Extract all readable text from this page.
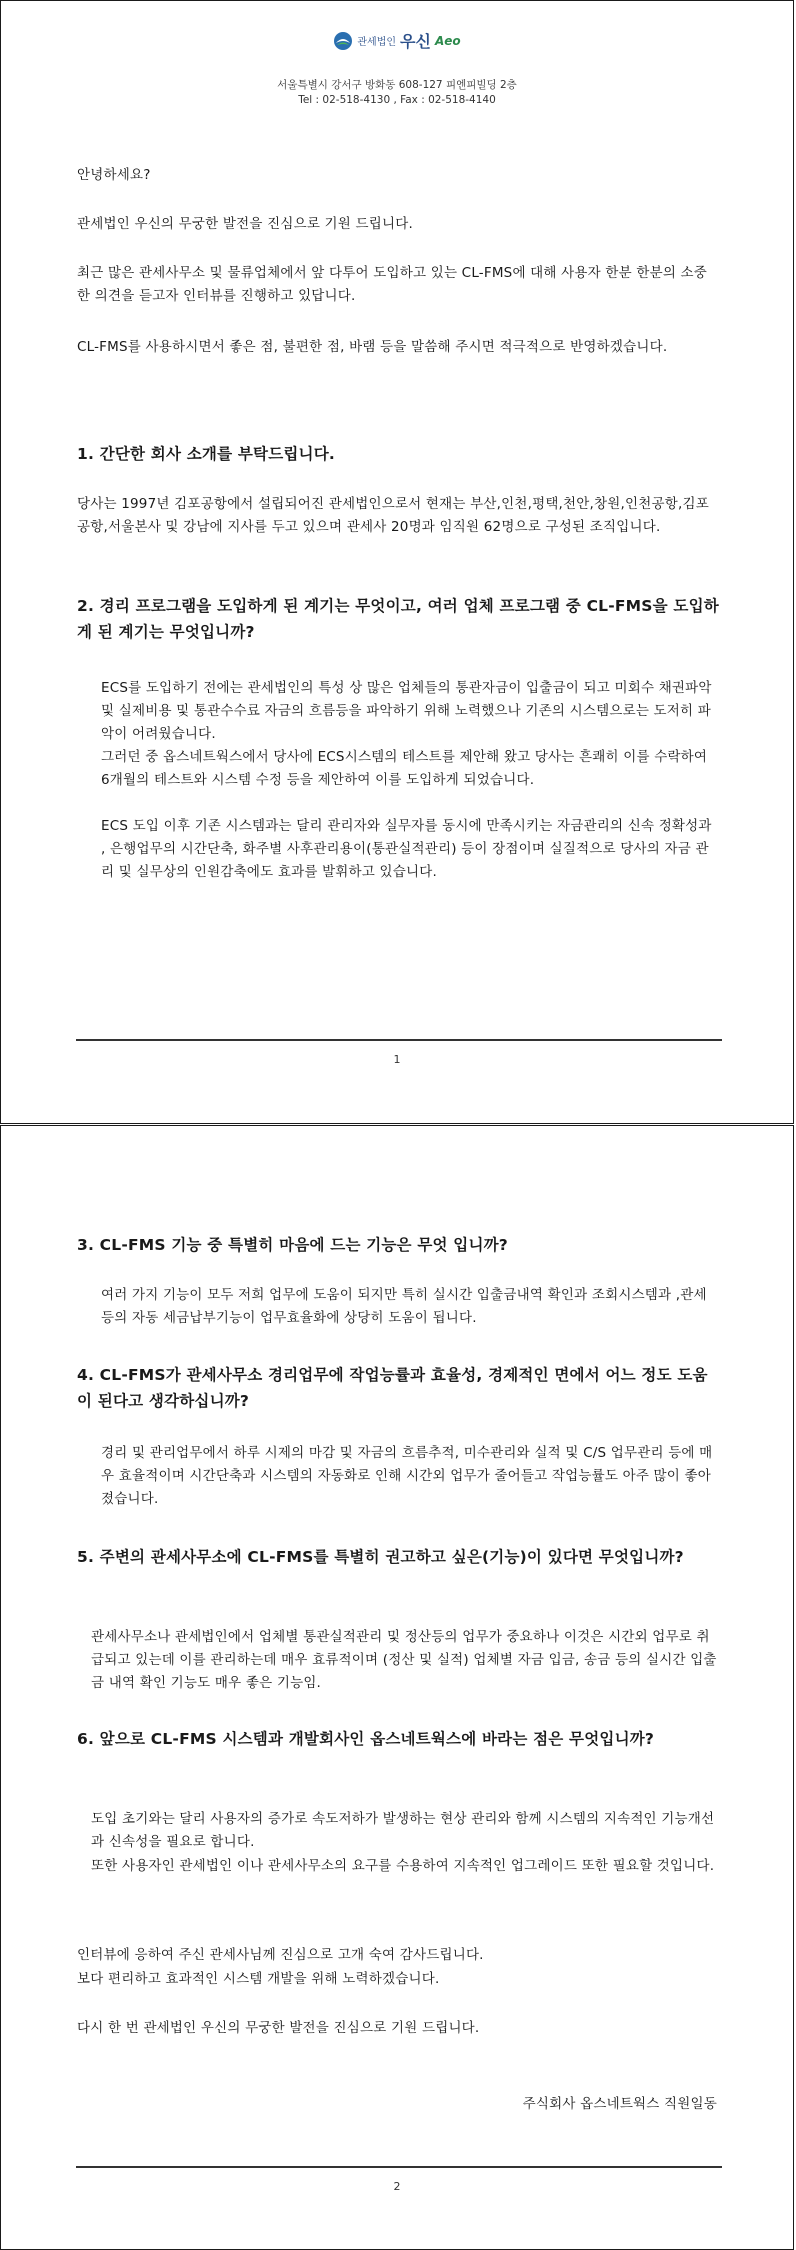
관세법인 우신 Aeo
서울특별시 강서구 방화동 608-127 피엔피빌딩 2층
Tel : 02-518-4130 , Fax : 02-518-4140

안녕하세요?

관세법인 우신의 무궁한 발전을 진심으로 기원 드립니다.

최근 많은 관세사무소 및 물류업체에서 앞 다투어 도입하고 있는 CL-FMS에 대해 사용자 한분 한분의 소중한 의견을 듣고자 인터뷰를 진행하고 있답니다.

CL-FMS를 사용하시면서 좋은 점, 불편한 점, 바램 등을 말씀해 주시면 적극적으로 반영하겠습니다.

1. 간단한 회사 소개를 부탁드립니다.

당사는 1997년 김포공항에서 설립되어진 관세법인으로서 현재는 부산,인천,평택,천안,창원,인천공항,김포공항,서울본사 및 강남에 지사를 두고 있으며 관세사 20명과 임직원 62명으로 구성된 조직입니다.

2. 경리 프로그램을 도입하게 된 계기는 무엇이고, 여러 업체 프로그램 중 CL-FMS을 도입하게 된 계기는 무엇입니까?

ECS를 도입하기 전에는 관세법인의 특성 상 많은 업체들의 통관자금이 입출금이 되고 미회수 채권파악 및 실제비용 및 통관수수료 자금의 흐름등을 파악하기 위해 노력했으나 기존의 시스템으로는 도저히 파악이 어려웠습니다.

그러던 중 옵스네트웍스에서 당사에 ECS시스템의 테스트를 제안해 왔고 당사는 흔쾌히 이를 수락하여 6개월의 테스트와 시스템 수정 등을 제안하여 이를 도입하게 되었습니다.

ECS 도입 이후 기존 시스템과는 달리 관리자와 실무자를 동시에 만족시키는 자금관리의 신속 정확성과 , 은행업무의 시간단축, 화주별 사후관리용이(통관실적관리) 등이 장점이며 실질적으로 당사의 자금 관리 및 실무상의 인원감축에도 효과를 발휘하고 있습니다.

1
3. CL-FMS 기능 중 특별히 마음에 드는 기능은 무엇 입니까?

여러 가지 기능이 모두 저희 업무에 도움이 되지만 특히 실시간 입출금내역 확인과 조회시스템과 ,관세 등의 자동 세금납부기능이 업무효율화에 상당히 도움이 됩니다.

4. CL-FMS가 관세사무소 경리업무에 작업능률과 효율성, 경제적인 면에서 어느 정도 도움이 된다고 생각하십니까?

경리 및 관리업무에서 하루 시제의 마감 및 자금의 흐름추적, 미수관리와 실적 및 C/S 업무관리 등에 매우 효율적이며 시간단축과 시스템의 자동화로 인해 시간외 업무가 줄어들고 작업능률도 아주 많이 좋아졌습니다.

5. 주변의 관세사무소에 CL-FMS를 특별히 권고하고 싶은(기능)이 있다면 무엇입니까?

관세사무소나 관세법인에서 업체별 통관실적관리 및 정산등의 업무가 중요하나 이것은 시간외 업무로 취급되고 있는데 이를 관리하는데 매우 효류적이며 (정산 및 실적) 업체별 자금 입금, 송금 등의 실시간 입출금 내역 확인 기능도 매우 좋은 기능임.

6. 앞으로 CL-FMS 시스템과 개발회사인 옵스네트웍스에 바라는 점은 무엇입니까?

도입 초기와는 달리 사용자의 증가로 속도저하가 발생하는 현상 관리와 함께 시스템의 지속적인 기능개선과 신속성을 필요로 합니다.

또한 사용자인 관세법인 이나 관세사무소의 요구를 수용하여 지속적인 업그레이드 또한 필요할 것입니다.

인터뷰에 응하여 주신 관세사님께 진심으로 고개 숙여 감사드립니다.

보다 편리하고 효과적인 시스템 개발을 위해 노력하겠습니다.

다시 한 번 관세법인 우신의 무궁한 발전을 진심으로 기원 드립니다.

주식회사 옵스네트웍스 직원일동

2
